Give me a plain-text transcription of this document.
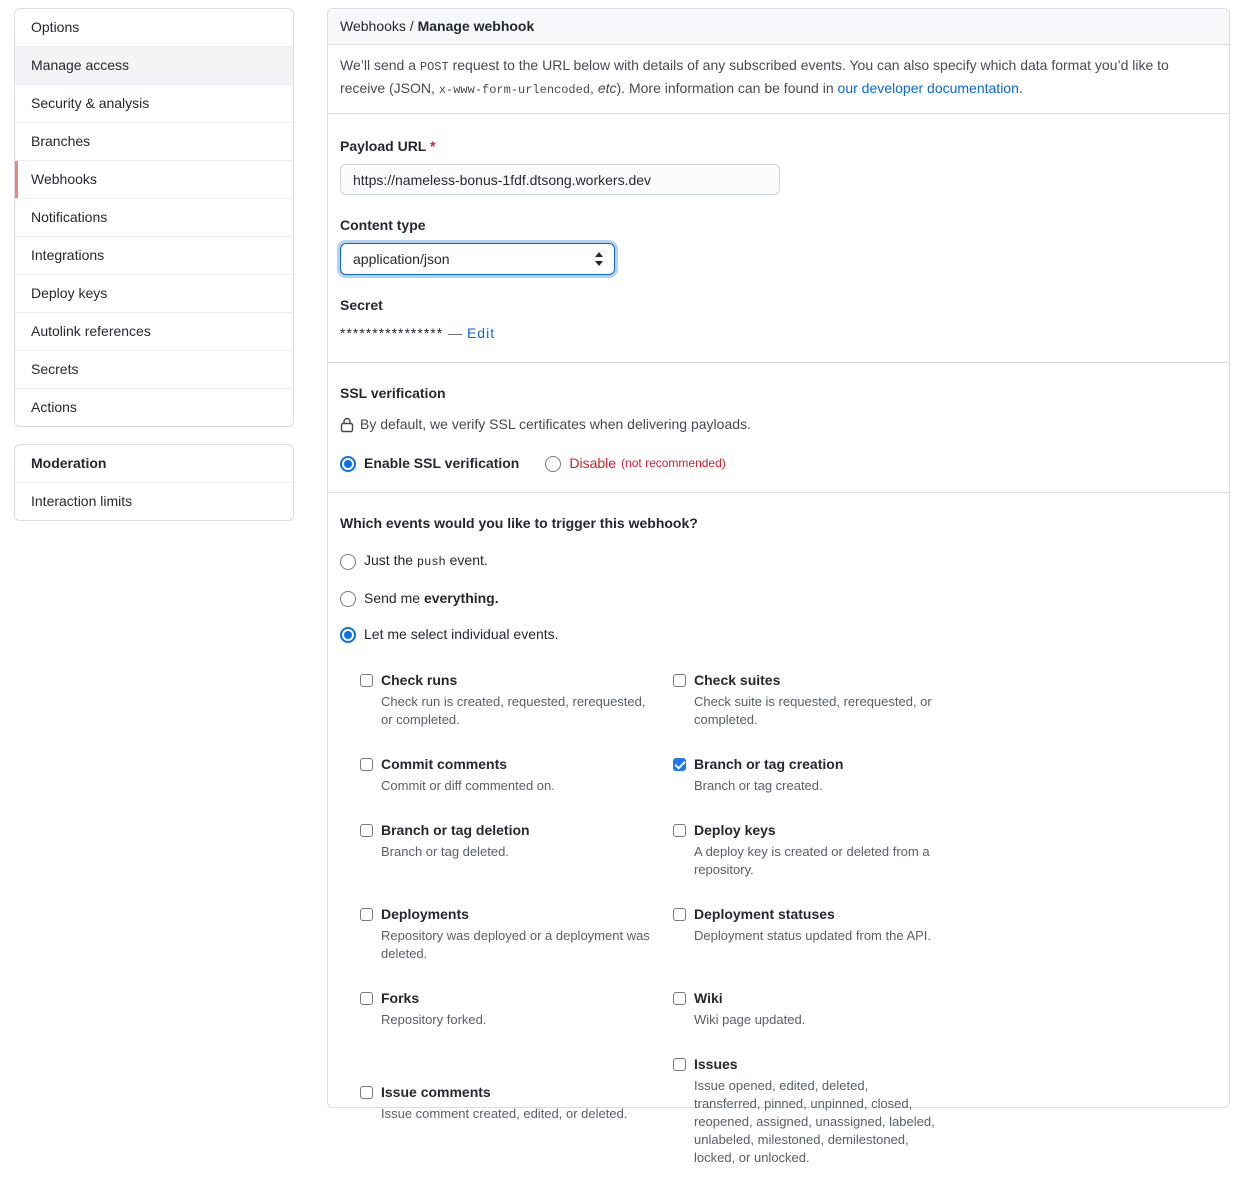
Options
Manage access
Security & analysis
Branches
Webhooks
Notifications
Integrations
Deploy keys
Autolink references
Secrets
Actions
Moderation
Interaction limits
Webhooks / Manage webhook
We’ll send a POST request to the URL below with details of any subscribed events. You can also specify which data format you’d like to receive (JSON, x-www-form-urlencoded, etc). More information can be found in our developer documentation.
Payload URL *
https://nameless-bonus-1fdf.dtsong.workers.dev
Content type
application/json
Secret
**************** — Edit
SSL verification
By default, we verify SSL certificates when delivering payloads.
Enable SSL verification	Disable (not recommended)
Which events would you like to trigger this webhook?
Just the push event.
Send me everything.
Let me select individual events.
Check runs
Check run is created, requested, rerequested, or completed.
Check suites
Check suite is requested, rerequested, or completed.
Commit comments
Commit or diff commented on.
Branch or tag creation
Branch or tag created.
Branch or tag deletion
Branch or tag deleted.
Deploy keys
A deploy key is created or deleted from a repository.
Deployments
Repository was deployed or a deployment was deleted.
Deployment statuses
Deployment status updated from the API.
Forks
Repository forked.
Wiki
Wiki page updated.
Issue comments
Issue comment created, edited, or deleted.
Issues
Issue opened, edited, deleted, transferred, pinned, unpinned, closed, reopened, assigned, unassigned, labeled, unlabeled, milestoned, demilestoned, locked, or unlocked.
